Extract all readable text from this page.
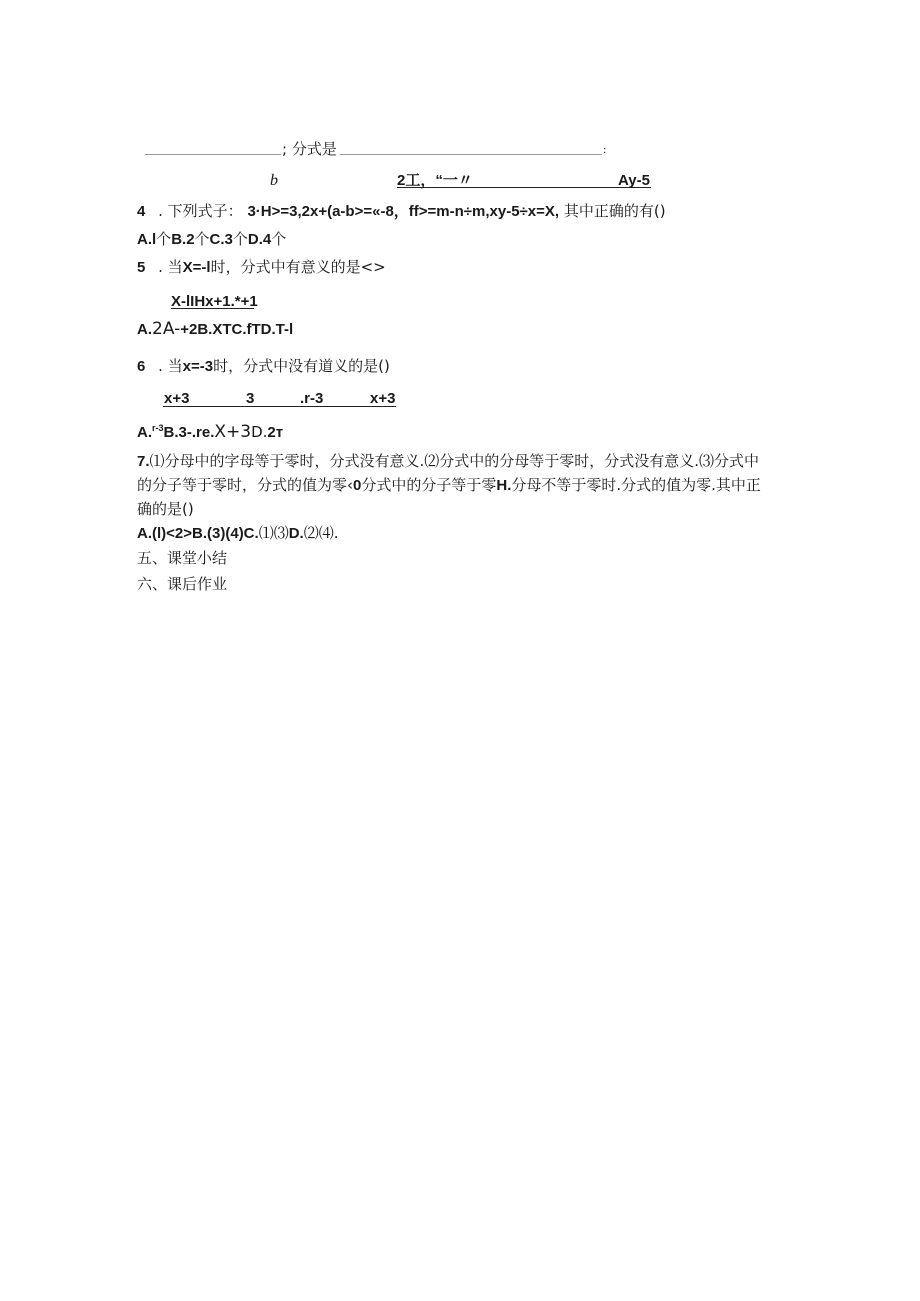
; 分式是	:
b	2工，“一〃	Ay-5
4 . 下列式子： 3·H>=3,2x+(a-b>=«-8，ff>=m-n÷m,xy-5÷x=X, 其中正确的有()
A.l个B.2个C.3个D.4个
5 . 当X=-l时，分式中有意义的是<>
X-lIHx+1.*+1
A.2A-+2B.XTC.fTD.T-l
6 . 当x=-3时，分式中没有道义的是()
x+3	3	.r-3	x+3
A.$^{r-3}$B.3-.re.X+3D.2т
7.⑴分母中的字母等于零时，分式没有意义.⑵分式中的分母等于零时，分式没有意义.⑶分式中
的分子等于零时，分式的值为零‹0分式中的分子等于零H.分母不等于零时.分式的值为零.其中正
确的是()
A.(l)<2>B.(3)(4)C.⑴⑶D.⑵⑷.
五、课堂小结
六、课后作业
